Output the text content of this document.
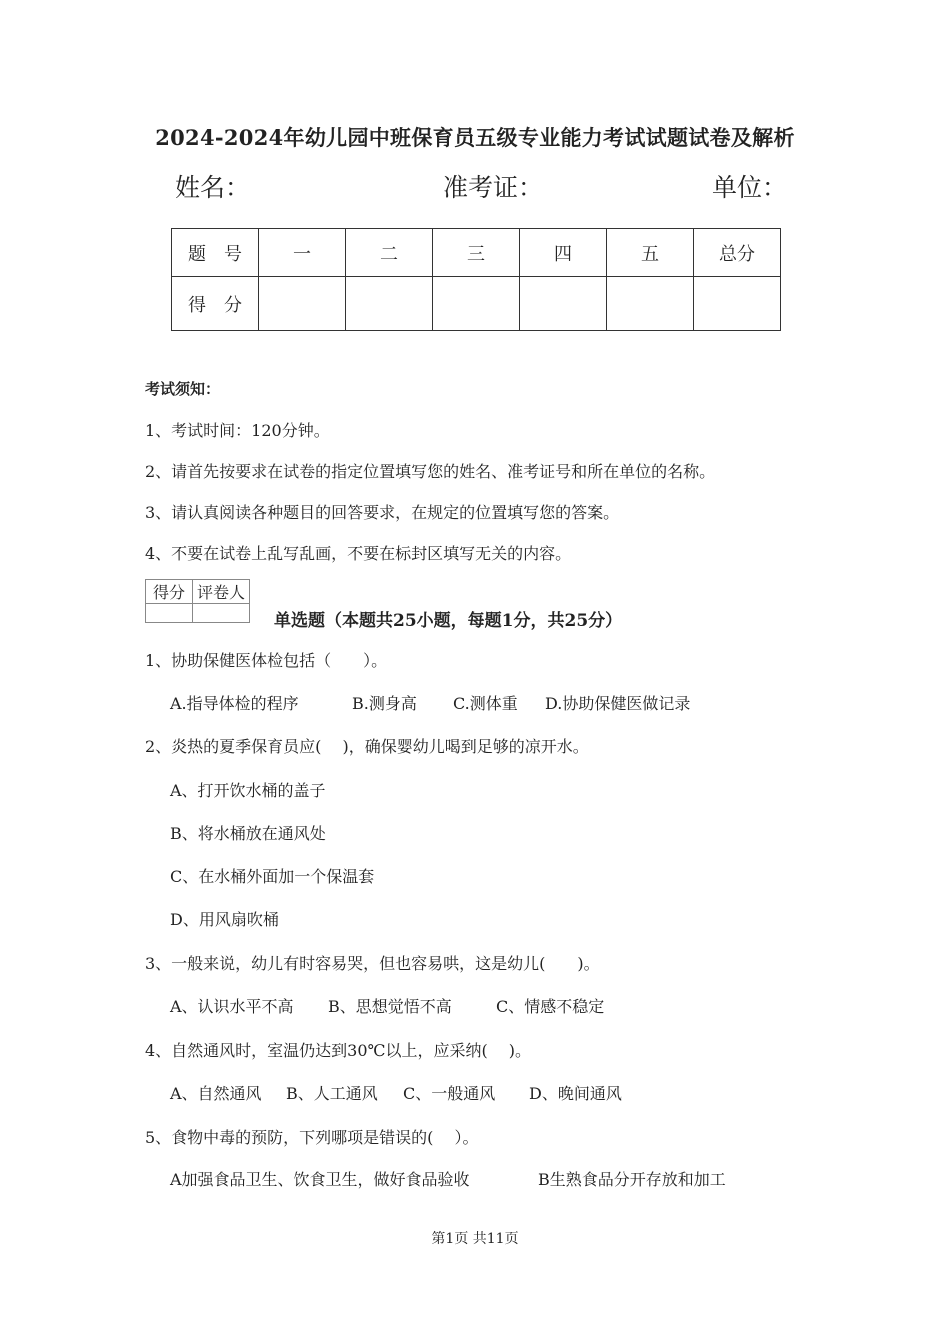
2024-2024年幼儿园中班保育员五级专业能力考试试题试卷及解析
姓名：	准考证：	单位：
题　号	一	二	三	四	五	总分
得　分						
考试须知：
1、考试时间：120分钟。
2、请首先按要求在试卷的指定位置填写您的姓名、准考证号和所在单位的名称。
3、请认真阅读各种题目的回答要求，在规定的位置填写您的答案。
4、不要在试卷上乱写乱画，不要在标封区填写无关的内容。
得分	评卷人

单选题（本题共25小题，每题1分，共25分）
1、协助保健医体检包括（　　）。
A.指导体检的程序	B.测身高 C.测体重 D.协助保健医做记录
2、炎热的夏季保育员应(　 )，确保婴幼儿喝到足够的凉开水。
A、打开饮水桶的盖子
B、将水桶放在通风处
C、在水桶外面加一个保温套
D、用风扇吹桶
3、一般来说，幼儿有时容易哭，但也容易哄，这是幼儿(　　)。
A、认识水平不高 B、思想觉悟不高	C、情感不稳定
4、自然通风时，室温仍达到30℃以上，应采纳(　 )。
A、自然通风 B、人工通风 C、一般通风 D、晚间通风
5、食物中毒的预防，下列哪项是错误的(　 ）。
A加强食品卫生、饮食卫生，做好食品验收	B生熟食品分开存放和加工
第1页 共11页
